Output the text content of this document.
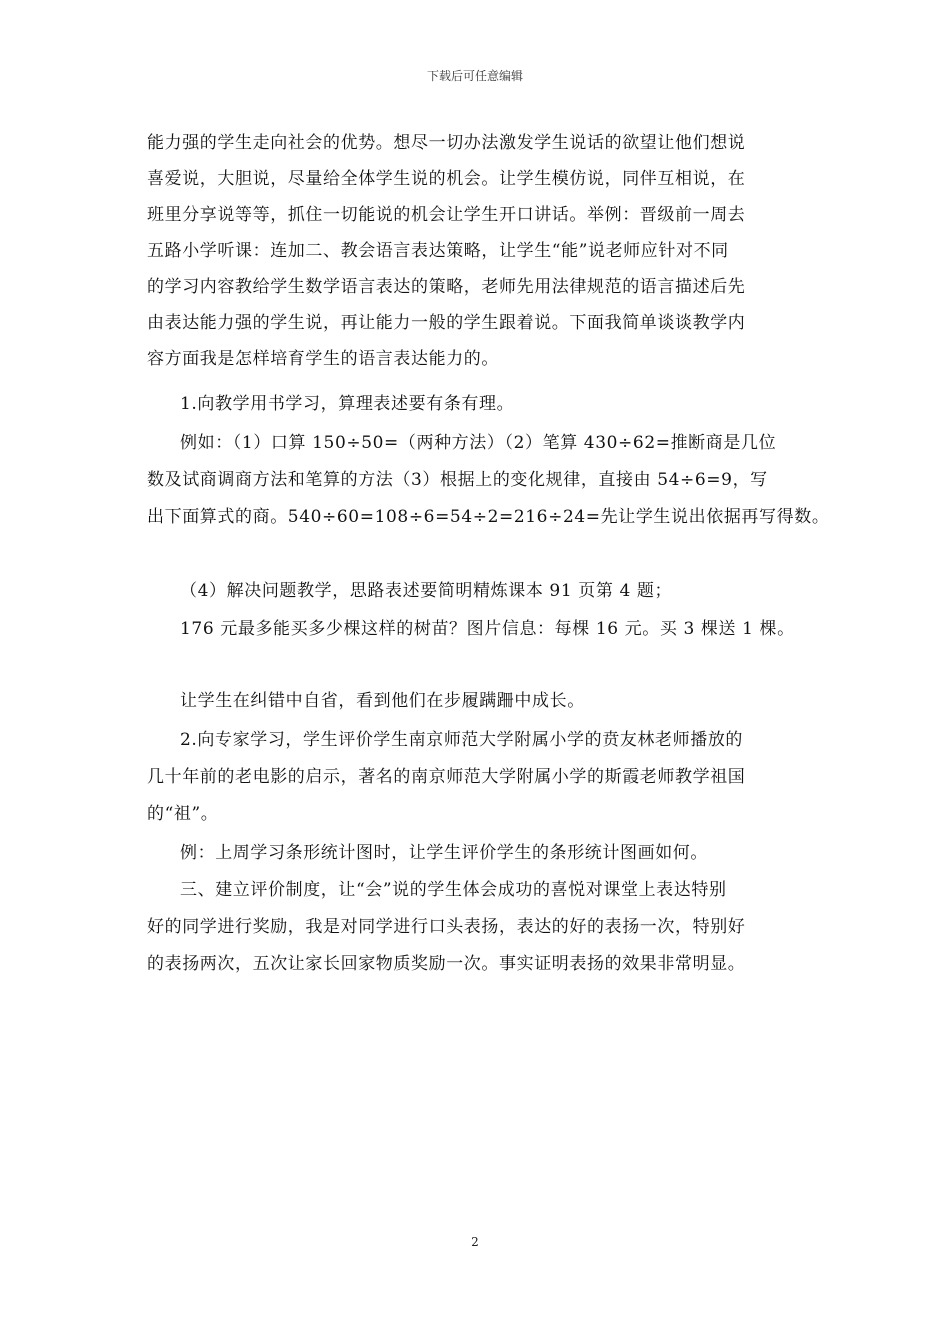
下载后可任意编辑
能力强的学生走向社会的优势。想尽一切办法激发学生说话的欲望让他们想说
喜爱说，大胆说，尽量给全体学生说的机会。让学生模仿说，同伴互相说，在
班里分享说等等，抓住一切能说的机会让学生开口讲话。举例：晋级前一周去
五路小学听课：连加二、教会语言表达策略，让学生“能”说老师应针对不同
的学习内容教给学生数学语言表达的策略，老师先用法律规范的语言描述后先
由表达能力强的学生说，再让能力一般的学生跟着说。下面我简单谈谈教学内
容方面我是怎样培育学生的语言表达能力的。
1.向教学用书学习，算理表述要有条有理。
例如：（1）口算 150÷50=（两种方法）（2）笔算 430÷62=推断商是几位
数及试商调商方法和笔算的方法（3）根据上的变化规律，直接由 54÷6=9，写
出下面算式的商。540÷60=108÷6=54÷2=216÷24=先让学生说出依据再写得数。
（4）解决问题教学，思路表述要简明精炼课本 91 页第 4 题；
176 元最多能买多少棵这样的树苗？图片信息：每棵 16 元。买 3 棵送 1 棵。
让学生在纠错中自省，看到他们在步履蹒跚中成长。
2.向专家学习，学生评价学生南京师范大学附属小学的贲友林老师播放的
几十年前的老电影的启示，著名的南京师范大学附属小学的斯霞老师教学祖国
的“祖”。
例：上周学习条形统计图时，让学生评价学生的条形统计图画如何。
三、建立评价制度，让“会”说的学生体会成功的喜悦对课堂上表达特别
好的同学进行奖励，我是对同学进行口头表扬，表达的好的表扬一次，特别好
的表扬两次，五次让家长回家物质奖励一次。事实证明表扬的效果非常明显。
2
